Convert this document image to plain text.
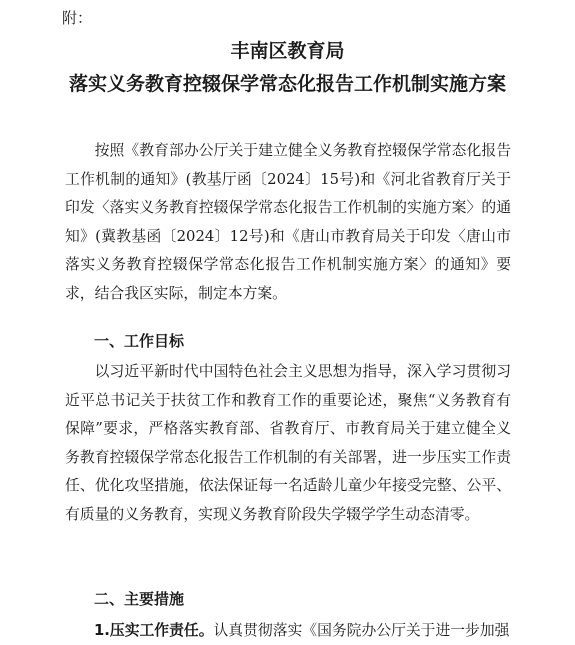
附：
丰南区教育局
落实义务教育控辍保学常态化报告工作机制实施方案

按照《教育部办公厅关于建立健全义务教育控辍保学常态化报告工作机制的通知》(教基厅函〔2024〕15号)和《河北省教育厅关于印发〈落实义务教育控辍保学常态化报告工作机制的实施方案〉的通知》(冀教基函〔2024〕12号)和《唐山市教育局关于印发〈唐山市落实义务教育控辍保学常态化报告工作机制实施方案〉的通知》要求，结合我区实际，制定本方案。

一、工作目标

以习近平新时代中国特色社会主义思想为指导，深入学习贯彻习近平总书记关于扶贫工作和教育工作的重要论述，聚焦“义务教育有保障”要求，严格落实教育部、省教育厅、市教育局关于建立健全义务教育控辍保学常态化报告工作机制的有关部署，进一步压实工作责任、优化攻坚措施，依法保证每一名适龄儿童少年接受完整、公平、有质量的义务教育，实现义务教育阶段失学辍学学生动态清零。

二、主要措施
1.压实工作责任。认真贯彻落实《国务院办公厅关于进一步加强
